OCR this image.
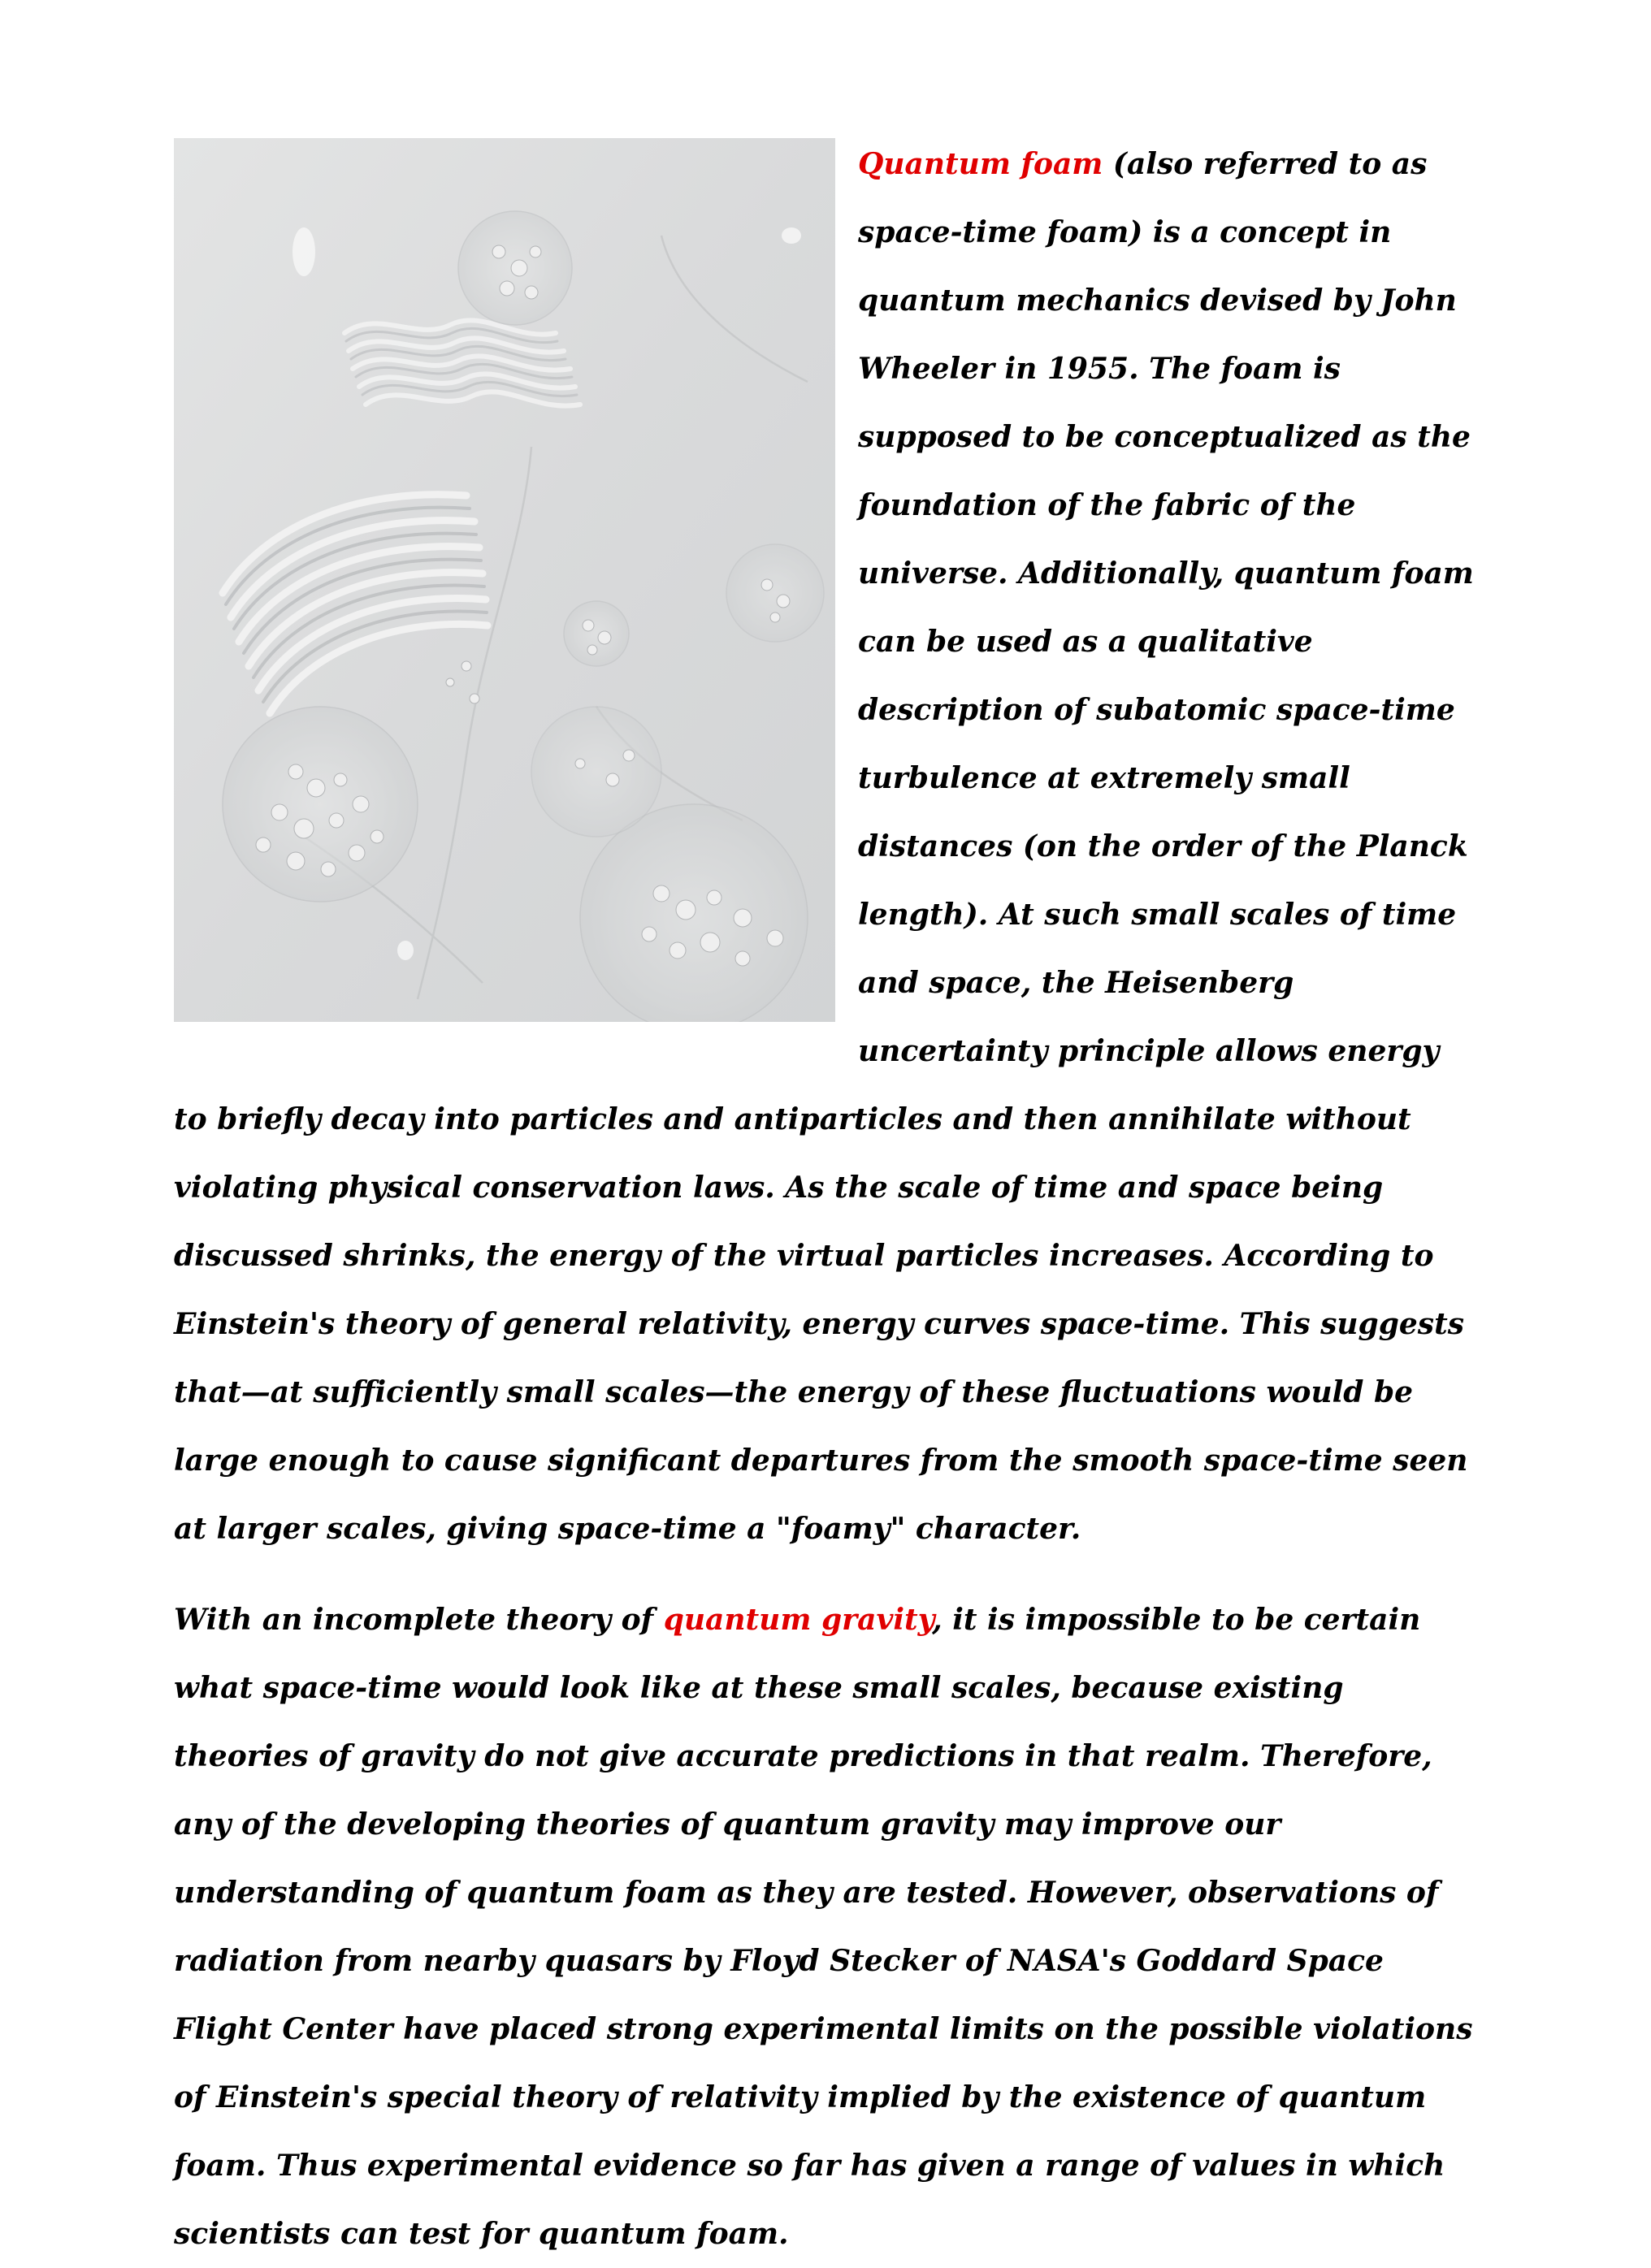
Quantum foam (also referred to as space-time foam) is a concept in quantum mechanics devised by John Wheeler in 1955. The foam is supposed to be conceptualized as the foundation of the fabric of the universe. Additionally, quantum foam can be used as a qualitative description of subatomic space-time turbulence at extremely small distances (on the order of the Planck length). At such small scales of time and space, the Heisenberg uncertainty principle allows energy to briefly decay into particles and antiparticles and then annihilate without violating physical conservation laws. As the scale of time and space being discussed shrinks, the energy of the virtual particles increases. According to Einstein's theory of general relativity, energy curves space-time. This suggests that—at sufficiently small scales—the energy of these fluctuations would be large enough to cause significant departures from the smooth space-time seen at larger scales, giving space-time a "foamy" character.

With an incomplete theory of quantum gravity, it is impossible to be certain what space-time would look like at these small scales, because existing theories of gravity do not give accurate predictions in that realm. Therefore, any of the developing theories of quantum gravity may improve our understanding of quantum foam as they are tested. However, observations of radiation from nearby quasars by Floyd Stecker of NASA's Goddard Space Flight Center have placed strong experimental limits on the possible violations of Einstein's special theory of relativity implied by the existence of quantum foam. Thus experimental evidence so far has given a range of values in which scientists can test for quantum foam.
